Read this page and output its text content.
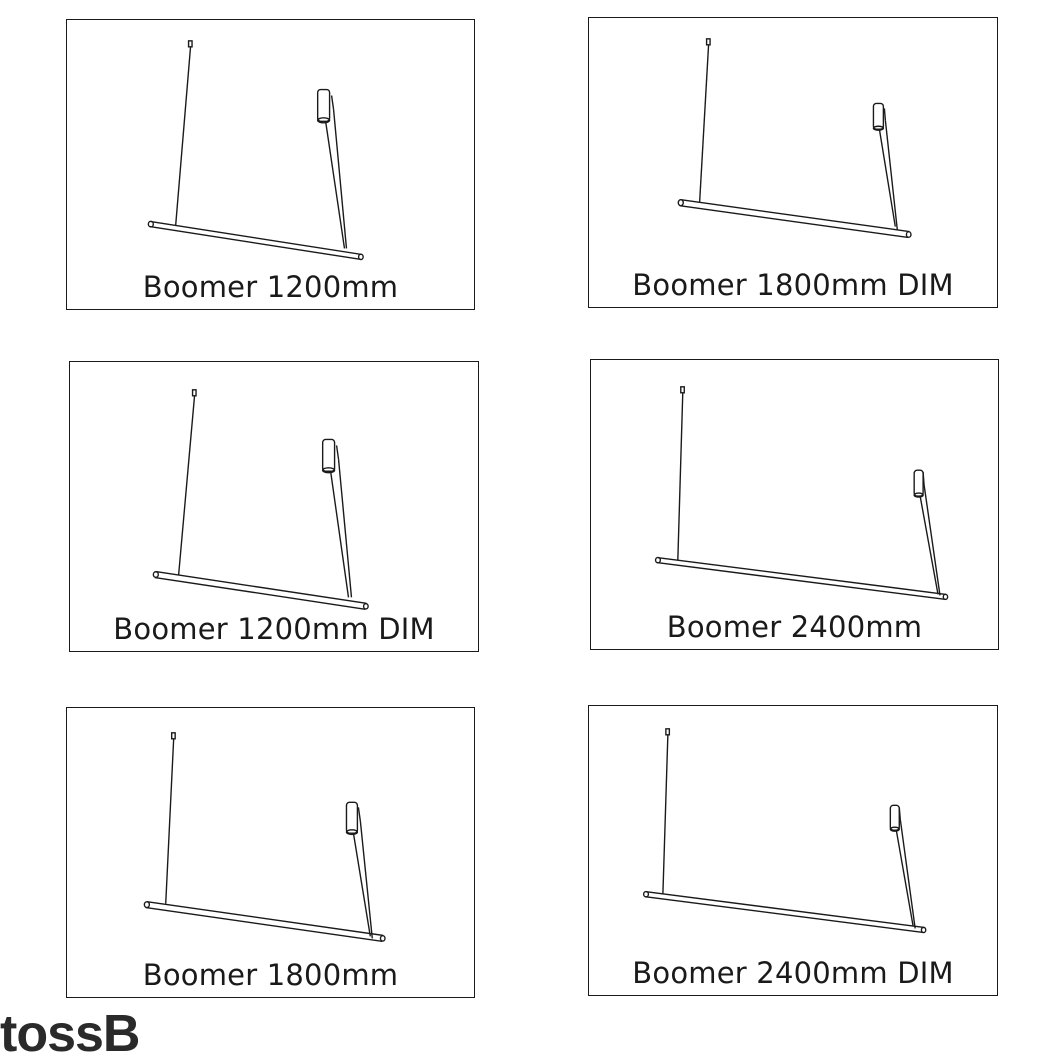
Boomer 1200mm	Boomer 1800mm DIM
Boomer 1200mm DIM	Boomer 2400mm
Boomer 1800mm	Boomer 2400mm DIM
tossB
